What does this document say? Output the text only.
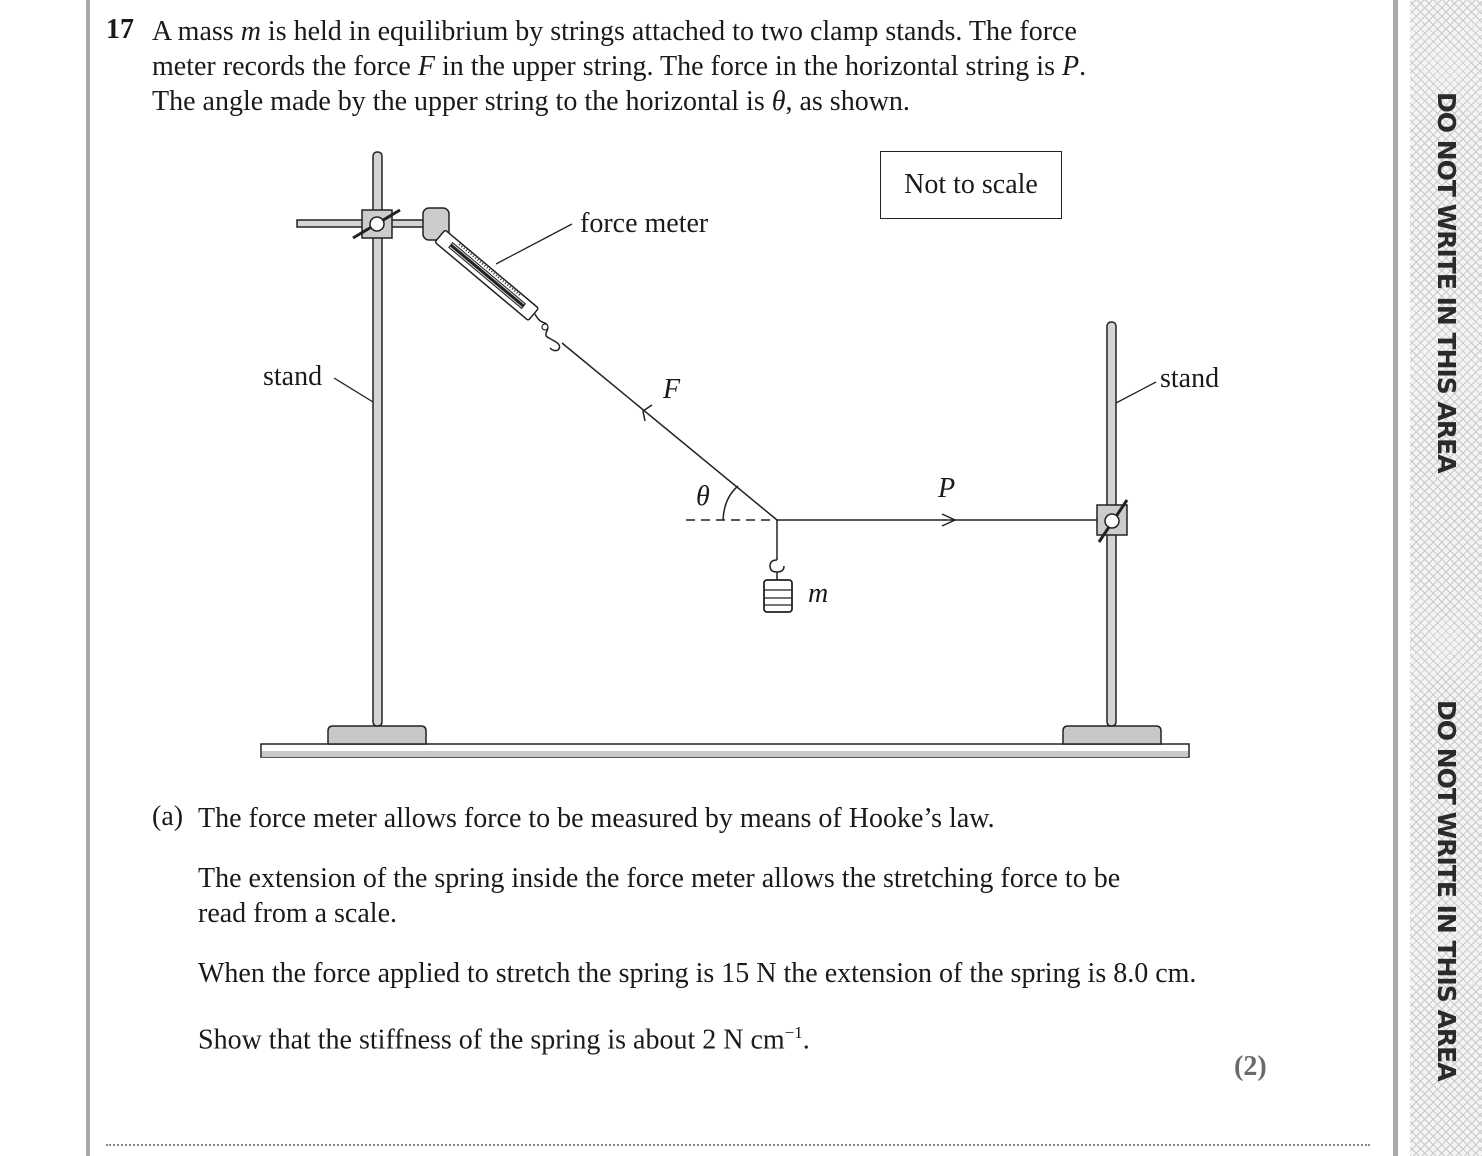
DO NOT WRITE IN THIS AREA
DO NOT WRITE IN THIS AREA
17 A mass m is held in equilibrium by strings attached to two clamp stands. The force

meter records the force F in the upper string. The force in the horizontal string is P.

The angle made by the upper string to the horizontal is θ, as shown.

force meter
stand	stand
F
P
θ
m
Not to scale
(a) The force meter allows force to be measured by means of Hooke’s law.

The extension of the spring inside the force meter allows the stretching force to be
read from a scale.

When the force applied to stretch the spring is 15 N the extension of the spring is 8.0 cm.

Show that the stiffness of the spring is about 2 N $cm^{-1}$.

(2)
